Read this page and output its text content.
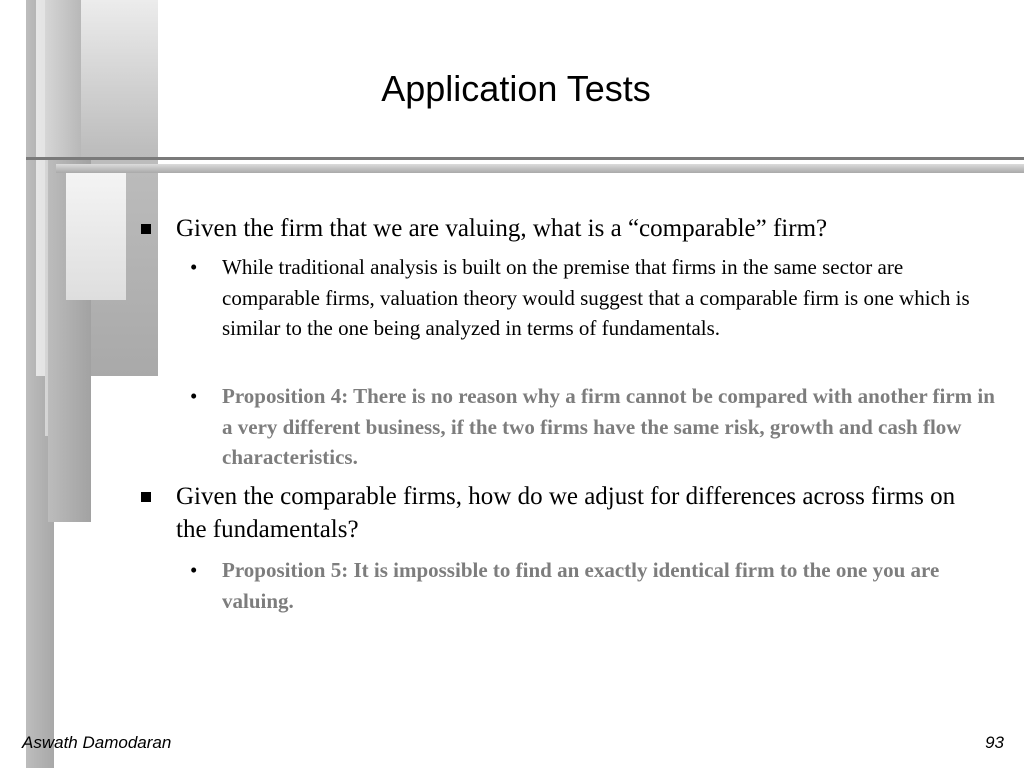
Application Tests

Given the firm that we are valuing, what is a “comparable” firm?

• While traditional analysis is built on the premise that firms in the same sector are comparable firms, valuation theory would suggest that a comparable firm is one which is similar to the one being analyzed in terms of fundamentals.

• Proposition 4: There is no reason why a firm cannot be compared with another firm in a very different business, if the two firms have the same risk, growth and cash flow characteristics.

Given the comparable firms, how do we adjust for differences across firms on the fundamentals?

• Proposition 5: It is impossible to find an exactly identical firm to the one you are valuing.

Aswath Damodaran	93
